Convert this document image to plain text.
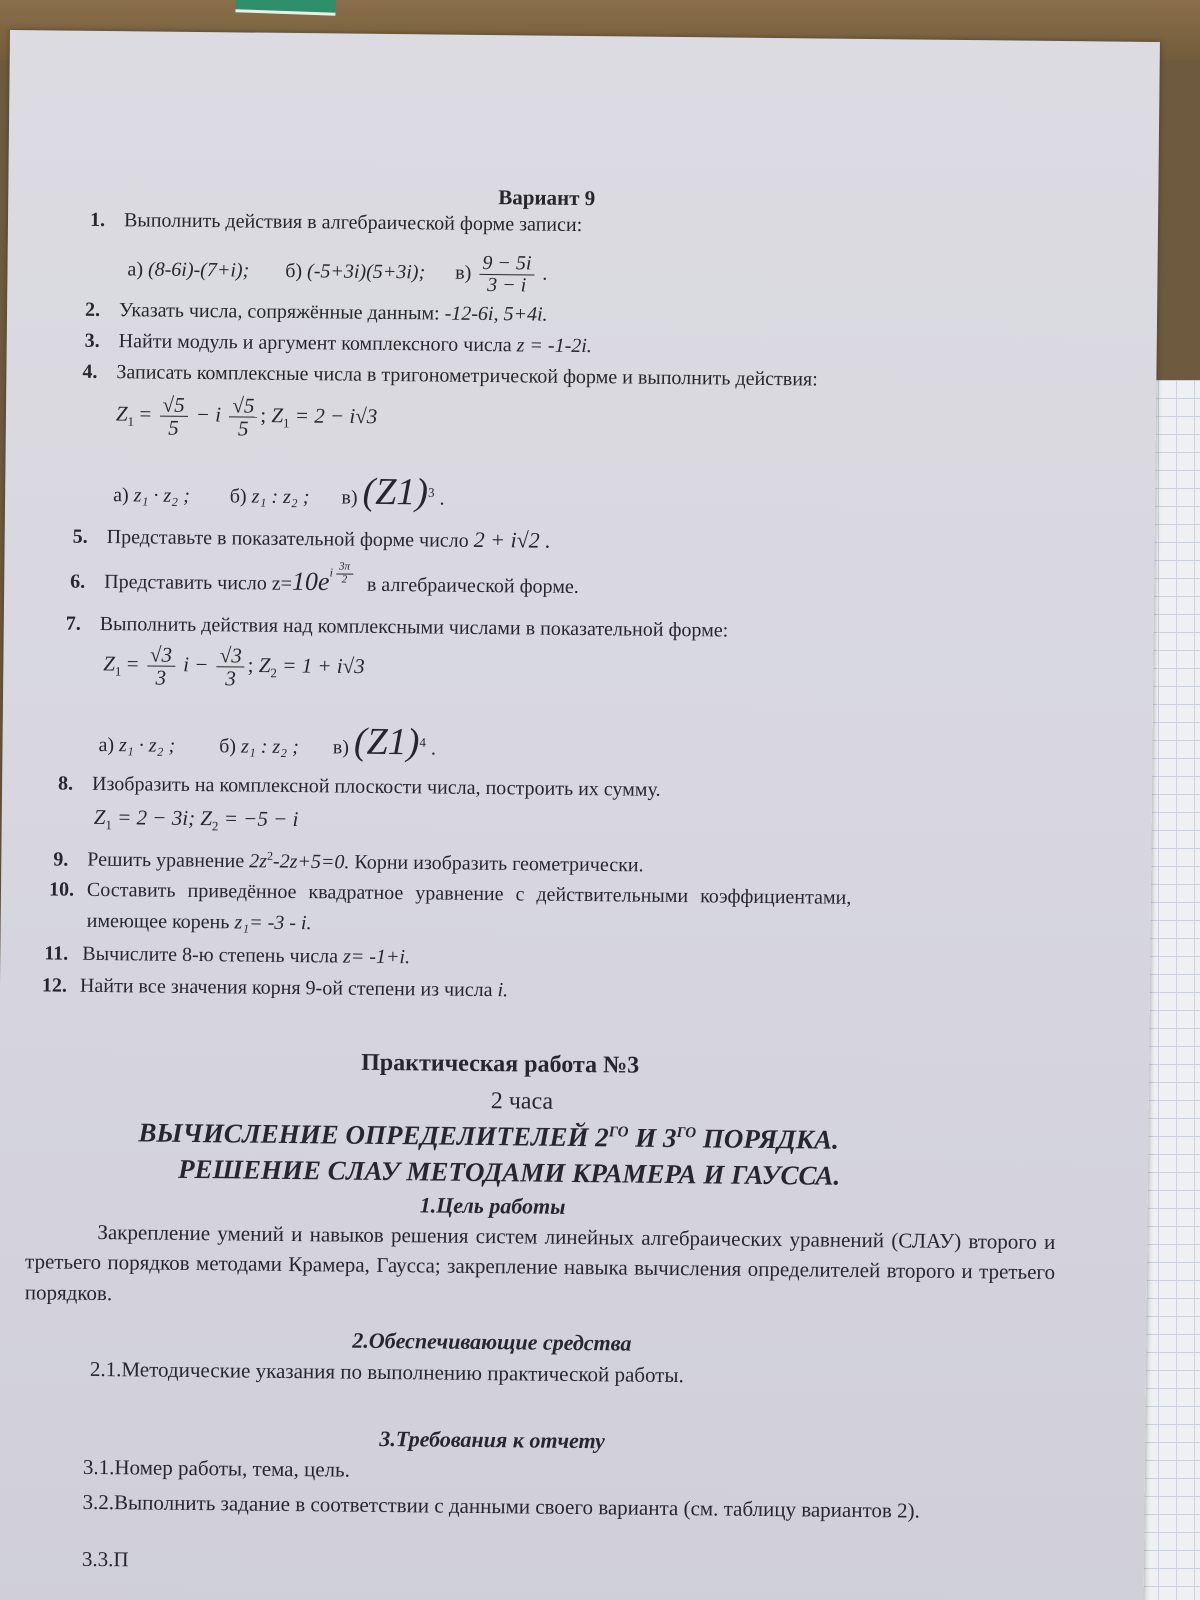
Вариант 9
1. Выполнить действия в алгебраической форме записи:
а) (8-6i)-(7+i); б) (-5+3i)(5+3i); $в) \frac{9 - 5i}{3 - i}$ .
2. Указать числа, сопряжённые данным: -12-6i, 5+4i.
3. Найти модуль и аргумент комплексного числа z = -1-2i.
4. Записать комплексные числа в тригонометрической форме и выполнить действия:
$Z_1 = \frac{√5}{5} - i \frac{√5}{5}$ ; $Z_1 = 2 - i√3$
а) z₁ · z₂ ; б) z₁ : z₂ ; в) $(Z1)^3$ .
5. Представьте в показательной форме число 2 + i√2 .
6. Представить число $z=10e^{i \frac{3\pi}{2}}$ в алгебраической форме.
7. Выполнить действия над комплексными числами в показательной форме:
$Z_1 = \frac{√3}{3}$ $i - \frac{√3}{3}$ ; $Z_2 = 1 + i√3$
а) z₁ · z₂ ; б) z₁ : z₂ ; в) $(Z1)^4$ .
8. Изобразить на комплексной плоскости числа, построить их сумму.
$Z_1 = 2 - 3i$; $Z_2 = -5 - i$
9. Решить уравнение $2z^2-2z+5=0$. Корни изобразить геометрически.
10. Составить приведённое квадратное уравнение с действительными коэффициентами,
имеющее корень z₁= -3 - i.
11. Вычислите 8-ю степень числа z= -1+i.
12. Найти все значения корня 9-ой степени из числа i.
Практическая работа №3
2 часа
ВЫЧИСЛЕНИЕ ОПРЕДЕЛИТЕЛЕЙ $2^{ГО}$ И $3^{ГО}$ ПОРЯДКА.
РЕШЕНИЕ СЛАУ МЕТОДАМИ КРАМЕРА И ГАУССА.
1.Цель работы
Закрепление умений и навыков решения систем линейных алгебраических уравнений (СЛАУ) второго и третьего порядков методами Крамера, Гаусса; закрепление навыка вычисления определителей второго и третьего порядков.
2.Обеспечивающие средства
2.1.Методические указания по выполнению практической работы.
3.Требования к отчету
3.1.Номер работы, тема, цель.
3.2.Выполнить задание в соответствии с данными своего варианта (см. таблицу вариантов 2).
3.3.П
